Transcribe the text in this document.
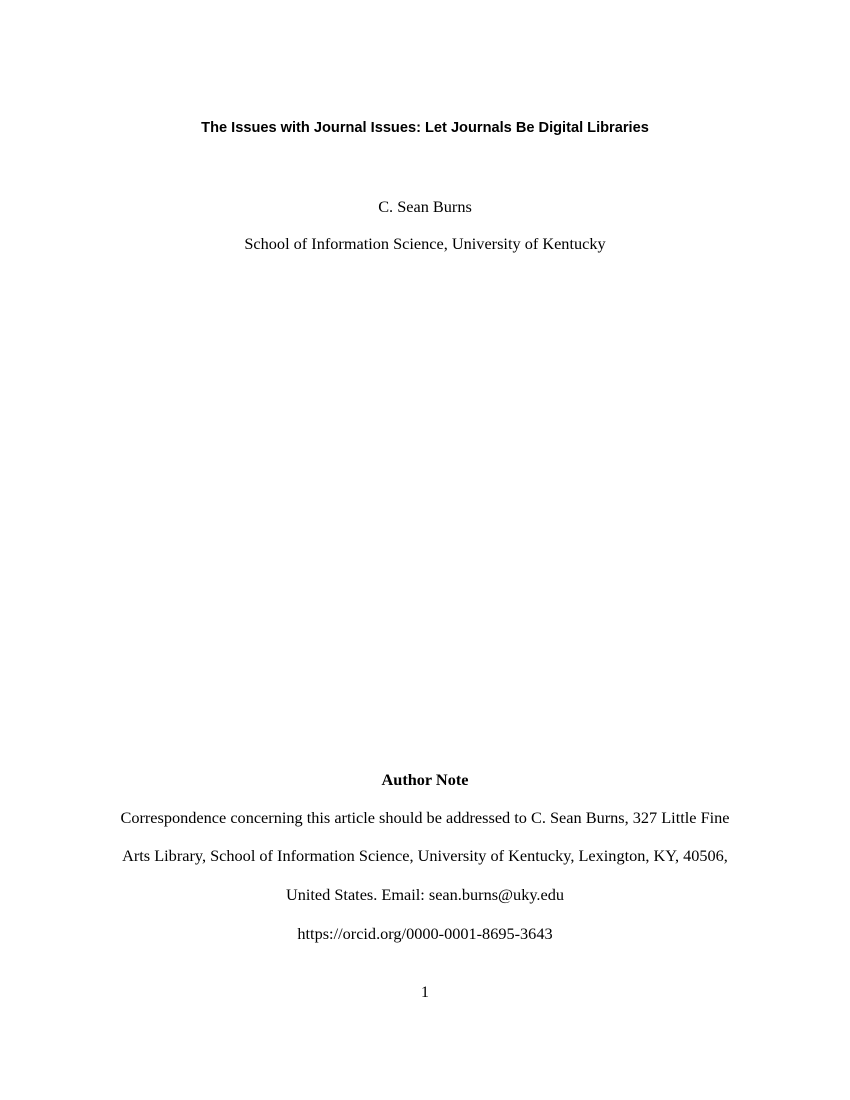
The Issues with Journal Issues: Let Journals Be Digital Libraries
C. Sean Burns
School of Information Science, University of Kentucky
Author Note
Correspondence concerning this article should be addressed to C. Sean Burns, 327 Little Fine
Arts Library, School of Information Science, University of Kentucky, Lexington, KY, 40506,
United States. Email: sean.burns@uky.edu
https://orcid.org/0000-0001-8695-3643
1
